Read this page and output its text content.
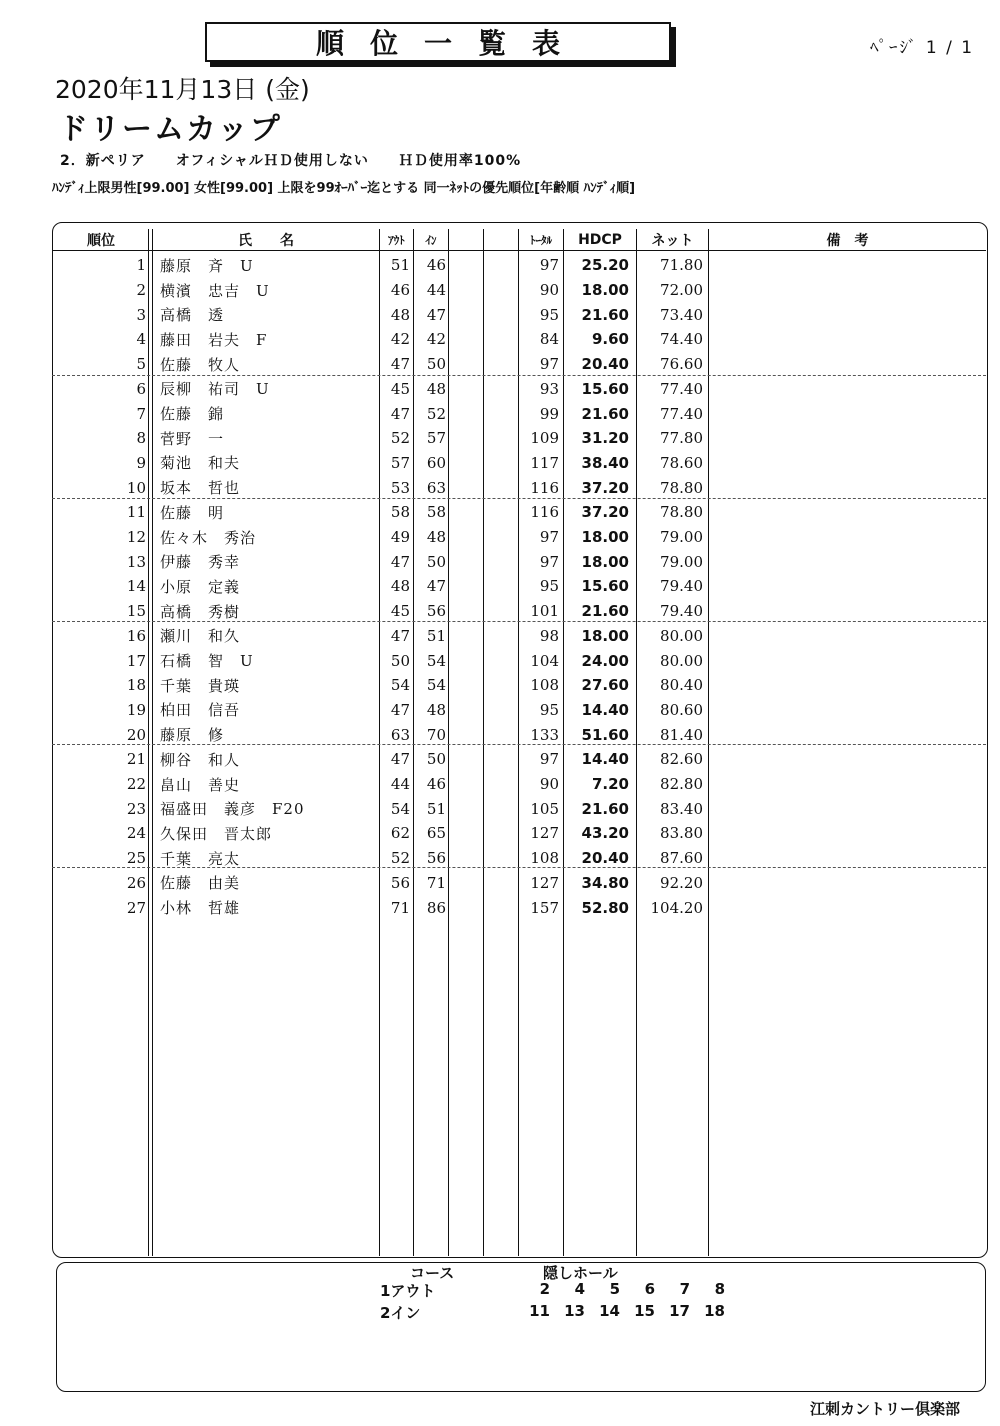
順位一覧表	ﾍﾟｰｼﾞ 1 / 1
2020年11月13日 (金)
ドリームカップ
2．新ペリア　　オフィシャルＨＤ使用しない　　ＨＤ使用率100%
ﾊﾝﾃﾞｨ上限男性[99.00] 女性[99.00] 上限を99ｵｰﾊﾞｰ迄とする 同一ﾈｯﾄの優先順位[年齢順 ﾊﾝﾃﾞｨ順]
順位	氏　　名	ｱｳﾄ	ｲﾝ	ﾄｰﾀﾙ	HDCP	ネット	備　考
1 藤原　斉　U	51	46	97	25.20	71.80
2 横濱　忠吉　U	46	44	90	18.00	72.00
3 高橋　透	48	47	95	21.60	73.40
4 藤田　岩夫　F	42	42	84	9.60	74.40
5 佐藤　牧人	47	50	97	20.40	76.60
6 辰柳　祐司　U	45	48	93	15.60	77.40
7 佐藤　錦	47	52	99	21.60	77.40
8 菅野　一	52	57	109	31.20	77.80
9 菊池　和夫	57	60	117	38.40	78.60
10 坂本　哲也	53	63	116	37.20	78.80
11 佐藤　明	58	58	116	37.20	78.80
12 佐々木　秀治	49	48	97	18.00	79.00
13 伊藤　秀幸	47	50	97	18.00	79.00
14 小原　定義	48	47	95	15.60	79.40
15 高橋　秀樹	45	56	101	21.60	79.40
16 瀬川　和久	47	51	98	18.00	80.00
17 石橋　智　U	50	54	104	24.00	80.00
18 千葉　貴瑛	54	54	108	27.60	80.40
19 柏田　信吾	47	48	95	14.40	80.60
20 藤原　修	63	70	133	51.60	81.40
21 柳谷　和人	47	50	97	14.40	82.60
22 畠山　善史	44	46	90	7.20	82.80
23 福盛田　義彦　F20	54	51	105	21.60	83.40
24 久保田　晋太郎	62	65	127	43.20	83.80
25 千葉　亮太	52	56	108	20.40	87.60
26 佐藤　由美	56	71	127	34.80	92.20
27 小林　哲雄	71	86	157	52.80	104.20
コース	隠しホール
1アウト
2イン
2	4	5	6	7	8
11 13 14 15 17 18
江刺カントリー倶楽部
